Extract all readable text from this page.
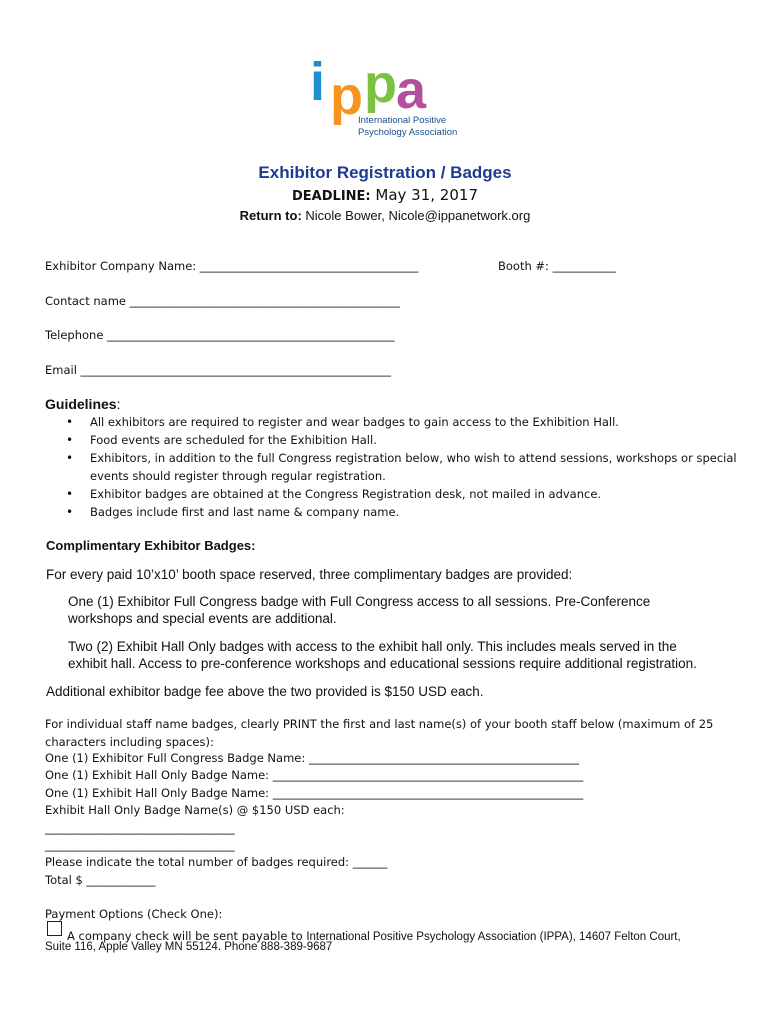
i p p a
International Positive
Psychology Association
Exhibitor Registration / Badges
DEADLINE: May 31, 2017
Return to: Nicole Bower, Nicole@ippanetwork.org
Exhibitor Company Name: ______________________________________	Booth #: ___________
Contact name _______________________________________________
Telephone __________________________________________________
Email ______________________________________________________
Guidelines:
• All exhibitors are required to register and wear badges to gain access to the Exhibition Hall.
• Food events are scheduled for the Exhibition Hall.
• Exhibitors, in addition to the full Congress registration below, who wish to attend sessions, workshops or special events should register through regular registration.
• Exhibitor badges are obtained at the Congress Registration desk, not mailed in advance.
• Badges include first and last name & company name.
Complimentary Exhibitor Badges:
For every paid 10’x10’ booth space reserved, three complimentary badges are provided:
One (1) Exhibitor Full Congress badge with Full Congress access to all sessions. Pre-Conference workshops and special events are additional.
Two (2) Exhibit Hall Only badges with access to the exhibit hall only. This includes meals served in the exhibit hall. Access to pre-conference workshops and educational sessions require additional registration.
Additional exhibitor badge fee above the two provided is $150 USD each.
For individual staff name badges, clearly PRINT the first and last name(s) of your booth staff below (maximum of 25 characters including spaces):
One (1) Exhibitor Full Congress Badge Name: _______________________________________________
One (1) Exhibit Hall Only Badge Name: ______________________________________________________
One (1) Exhibit Hall Only Badge Name: ______________________________________________________
Exhibit Hall Only Badge Name(s) @ $150 USD each:
_________________________________
_________________________________
Please indicate the total number of badges required: ______
Total $ ____________
Payment Options (Check One):
A company check will be sent payable to International Positive Psychology Association (IPPA), 14607 Felton Court,
Suite 116, Apple Valley MN 55124. Phone 888-389-9687
